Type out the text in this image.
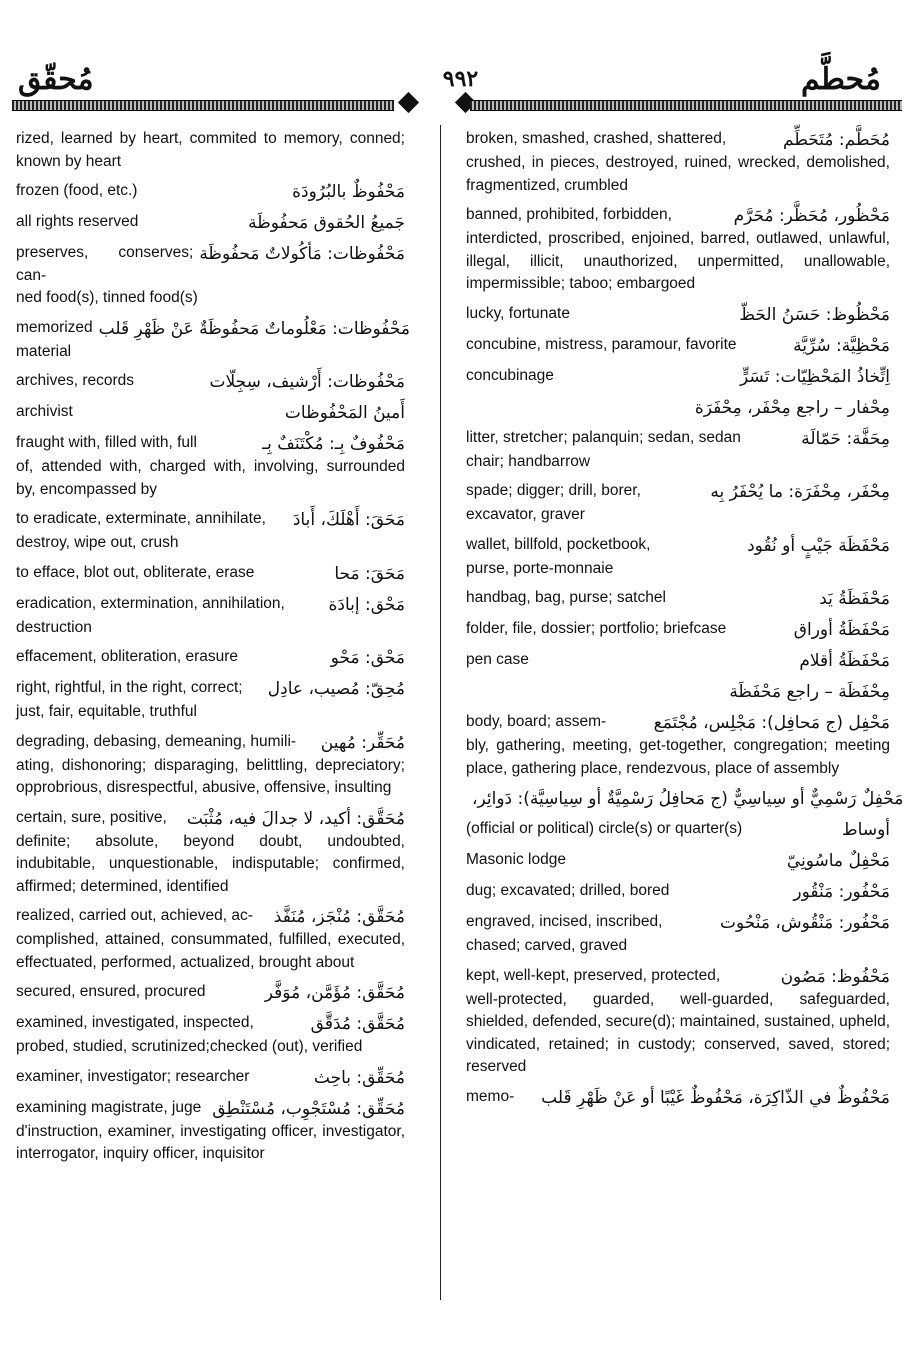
مُحقّق	٩٩٢	مُحطَّم
rized, learned by heart, commited to memory, conned; known by heart
frozen (food, etc.)	مَحْفُوظٌ بالبُرُودَة
all rights reserved	جَميعُ الحُقوق مَحفُوظَة
preserves, conserves; can-
مَحْفُوظات: مَأكُولاتٌ مَحفُوظَة
ned food(s), tinned food(s)
memorized مَحْفُوظات: مَعْلُوماتٌ مَحفُوظَةٌ عَنْ ظَهْرِ قَلب
material
archives, records	مَحْفُوظات: أَرْشيف، سِجِلّات
archivist	أَمينُ المَحْفُوظات
fraught with, filled with, full	مَحْفُوفٌ بِـ: مُكْتَنَفٌ بِـ
of, attended with, charged with, involving, surrounded by, encompassed by
to eradicate, exterminate, annihilate,	مَحَقَ: أَهْلَكَ، أَبادَ
destroy, wipe out, crush
to efface, blot out, obliterate, erase	مَحَقَ: مَحا
eradication, extermination, annihilation,	مَحْق: إبادَة
destruction
effacement, obliteration, erasure	مَحْق: مَحْو
right, rightful, in the right, correct;	مُحِقّ: مُصيب، عادِل
just, fair, equitable, truthful
degrading, debasing, demeaning, humili-	مُحَقِّر: مُهين
ating, dishonoring; disparaging, belittling, depreciatory; opprobrious, disrespectful, abusive, offensive, insulting
certain, sure, positive,	مُحَقَّق: أكيد، لا جدالَ فيه، مُثْبَت
definite; absolute, beyond doubt, undoubted, indubitable, unquestionable, indisputable; confirmed, affirmed; determined, identified
realized, carried out, achieved, ac-	مُحَقَّق: مُنْجَز، مُنَفَّذ
complished, attained, consummated, fulfilled, executed, effectuated, performed, actualized, brought about
secured, ensured, procured	مُحَقَّق: مُؤَمَّن، مُوَفَّر
examined, investigated, inspected,	مُحَقَّق: مُدَقَّق
probed, studied, scrutinized;checked (out), verified
examiner, investigator; researcher	مُحَقِّق: باحِث
examining magistrate, juge مُحَقِّق: مُسْتَجْوِب، مُسْتَنْطِق
d'instruction, examiner, investigating officer, investigator, interrogator, inquiry officer, inquisitor
broken, smashed, crashed, shattered,	مُحَطَّم: مُتَحَطِّم
crushed, in pieces, destroyed, ruined, wrecked, demolished, fragmentized, crumbled
banned, prohibited, forbidden,	مَحْظُور، مُحَظَّر: مُحَرَّم
interdicted, proscribed, enjoined, barred, outlawed, unlawful, illegal, illicit, unauthorized, unpermitted, unallowable, impermissible; taboo; embargoed
lucky, fortunate	مَحْظُوظ: حَسَنُ الحَظّ
concubine, mistress, paramour, favorite	مَحْظِيَّة: سُرِّيَّة
concubinage	اِتِّخاذُ المَحْظِيّات: تَسَرٍّ
مِحْفار – راجع مِحْفَر، مِحْفَرَة
litter, stretcher; palanquin; sedan, sedan	مِحَفَّة: حَمّالَة
chair; handbarrow
spade; digger; drill, borer,	مِحْفَر، مِحْفَرَة: ما يُحْفَرُ بِه
excavator, graver
wallet, billfold, pocketbook,	مَحْفَظَة جَيْبٍ أو نُقُود
purse, porte-monnaie
handbag, bag, purse; satchel	مَحْفَظَةُ يَد
folder, file, dossier; portfolio; briefcase	مَحْفَظَةُ أوراق
pen case	مَحْفَظَةُ أقلام
مِحْفَظَة – راجع مَحْفَظَة
body, board; assem-	مَحْفِل (ج مَحافِل): مَجْلِس، مُجْتَمَع
bly, gathering, meeting, get-together, congregation; meeting place, gathering place, rendezvous, place of assembly
مَحْفِلٌ رَسْمِيٌّ أو سِياسِيٌّ (ج مَحافِلُ رَسْمِيَّةٌ أو سِياسِيَّة): دَوائِر،
(official or political) circle(s) or quarter(s)	أوساط
Masonic lodge	مَحْفِلٌ ماسُونِيّ
dug; excavated; drilled, bored	مَحْفُور: مَنْقُور
engraved, incised, inscribed,	مَحْفُور: مَنْقُوش، مَنْحُوت
chased; carved, graved
kept, well-kept, preserved, protected,	مَحْفُوظ: مَصُون
well-protected, guarded, well-guarded, safeguarded, shielded, defended, secure(d); maintained, sustained, upheld, vindicated, retained; in custody; conserved, saved, stored; reserved
memo-	مَحْفُوظٌ في الذّاكِرَة، مَحْفُوظٌ غَيْبًا أو عَنْ ظَهْرِ قَلب
